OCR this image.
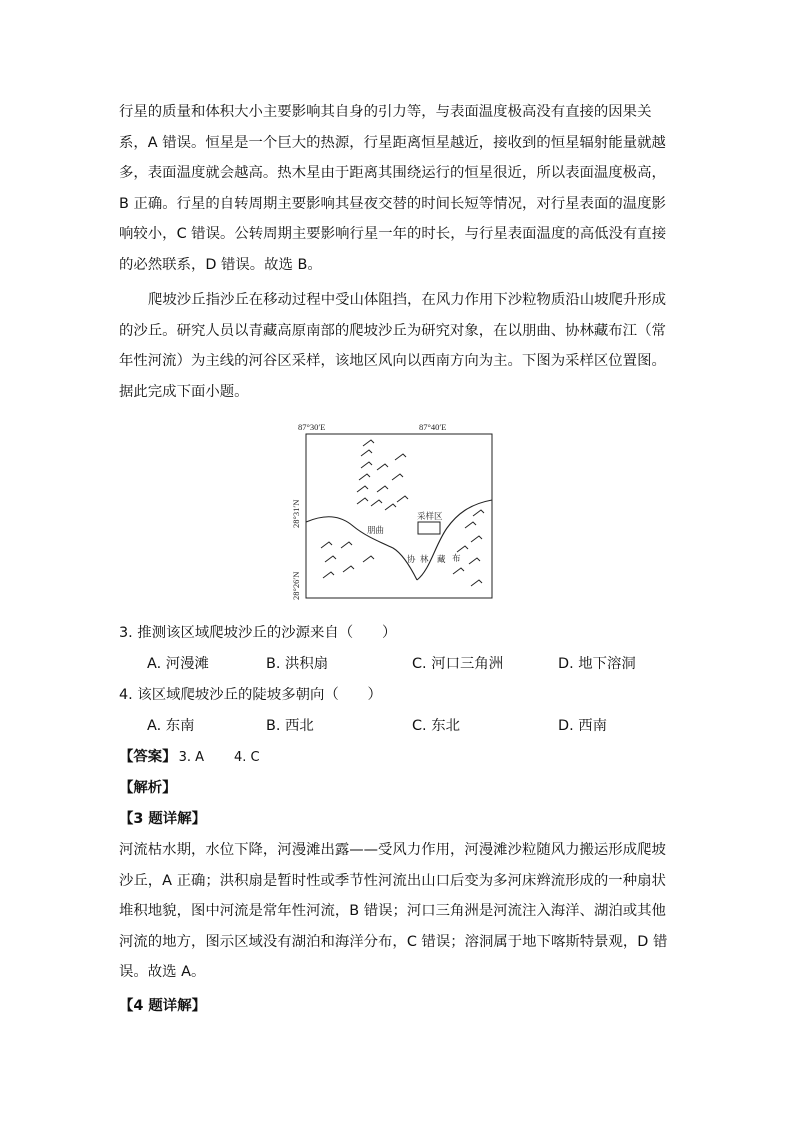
行星的质量和体积大小主要影响其自身的引力等，与表面温度极高没有直接的因果关系，A 错误。恒星是一个巨大的热源，行星距离恒星越近，接收到的恒星辐射能量就越多，表面温度就会越高。热木星由于距离其围绕运行的恒星很近，所以表面温度极高，B 正确。行星的自转周期主要影响其昼夜交替的时间长短等情况，对行星表面的温度影响较小，C 错误。公转周期主要影响行星一年的时长，与行星表面温度的高低没有直接的必然联系，D 错误。故选 B。

爬坡沙丘指沙丘在移动过程中受山体阻挡，在风力作用下沙粒物质沿山坡爬升形成的沙丘。研究人员以青藏高原南部的爬坡沙丘为研究对象，在以朋曲、协林藏布江（常年性河流）为主线的河谷区采样，该地区风向以西南方向为主。下图为采样区位置图。据此完成下面小题。

87°30′E	87°40′E
28°31′N
28°26′N
朋曲
协 林 藏 布
采样区
3. 推测该区域爬坡沙丘的沙源来自（　　）
A. 河漫滩	B. 洪积扇	C. 河口三角洲	D. 地下溶洞
4. 该区域爬坡沙丘的陡坡多朝向（　　）
A. 东南	B. 西北	C. 东北	D. 西南
【答案】 3. A 4. C
【解析】
【3 题详解】

河流枯水期，水位下降，河漫滩出露——受风力作用，河漫滩沙粒随风力搬运形成爬坡沙丘，A 正确；洪积扇是暂时性或季节性河流出山口后变为多河床辫流形成的一种扇状堆积地貌，图中河流是常年性河流，B 错误；河口三角洲是河流注入海洋、湖泊或其他河流的地方，图示区域没有湖泊和海洋分布，C 错误；溶洞属于地下喀斯特景观，D 错误。故选 A。

【4 题详解】
